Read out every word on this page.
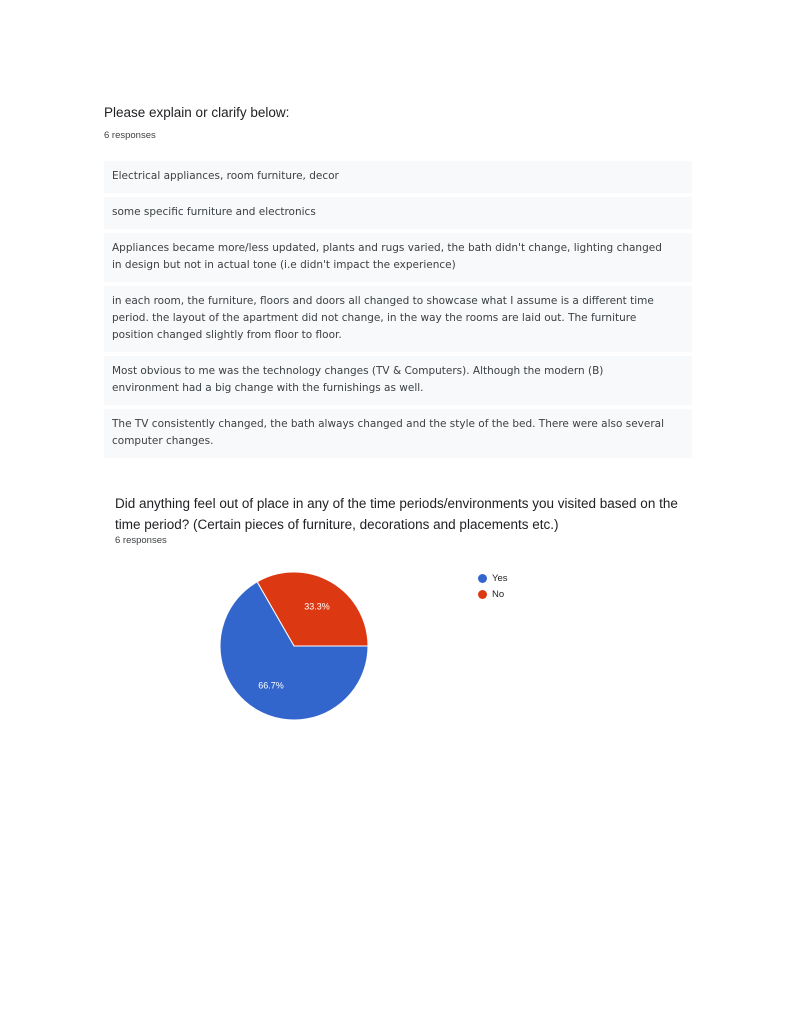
Please explain or clarify below:
6 responses
Electrical appliances, room furniture, decor
some specific furniture and electronics
Appliances became more/less updated, plants and rugs varied, the bath didn't change, lighting changed in design but not in actual tone (i.e didn't impact the experience)
in each room, the furniture, floors and doors all changed to showcase what I assume is a different time period. the layout of the apartment did not change, in the way the rooms are laid out. The furniture position changed slightly from floor to floor.
Most obvious to me was the technology changes (TV & Computers). Although the modern (B) environment had a big change with the furnishings as well.
The TV consistently changed, the bath always changed and the style of the bed. There were also several computer changes.
Did anything feel out of place in any of the time periods/environments you visited based on the time period? (Certain pieces of furniture, decorations and placements etc.)
6 responses
33.3%
66.7%
Yes
No
